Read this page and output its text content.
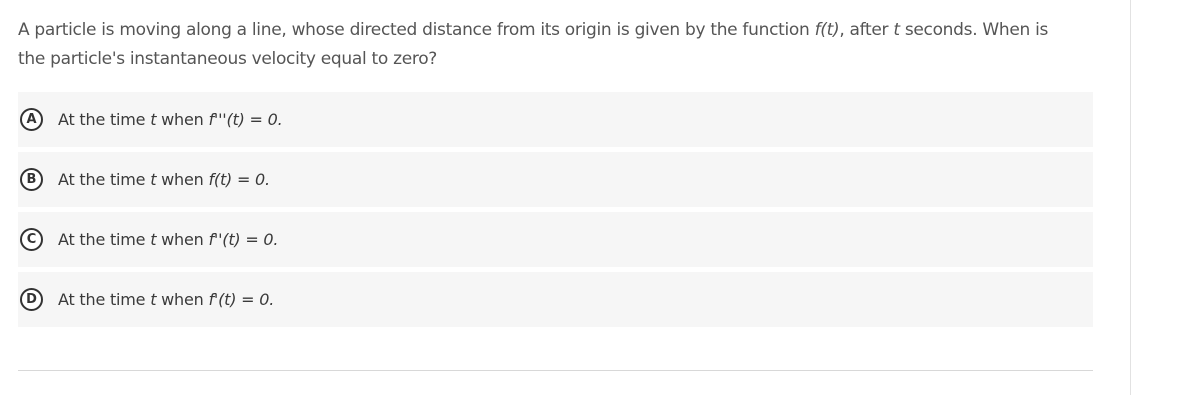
A particle is moving along a line, whose directed distance from its origin is given by the function f(t), after t seconds. When is the particle's instantaneous velocity equal to zero?
A	At the time t when f'''(t) = 0.
B	At the time t when f(t) = 0.
C	At the time t when f''(t) = 0.
D	At the time t when f'(t) = 0.
